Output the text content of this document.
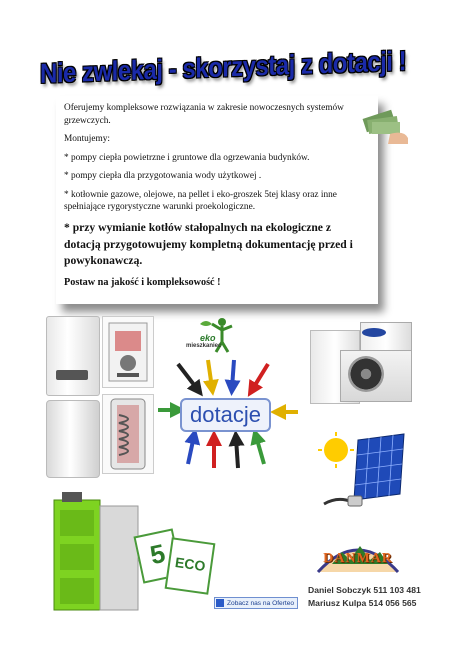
Nie zwlekaj - skorzystaj z dotacji !

Oferujemy kompleksowe rozwiązania w zakresie nowoczesnych systemów grzewczych.

Montujemy:

* pompy ciepła powietrzne i gruntowe dla ogrzewania budynków.

* pompy ciepła dla przygotowania wody użytkowej .

* kotłownie gazowe, olejowe, na pellet i eko-groszek 5tej klasy oraz inne spełniające rygorystyczne warunki proekologiczne.

* przy wymianie kotłów stałopalnych na ekologiczne z dotacją przygotowujemy kompletną dokumentację przed i powykonawczą.

Postaw na jakość i kompleksowość !

eko
mieszkaniec
dotacje
5 ECO	DANMAR
Daniel Sobczyk 511 103 481
Mariusz Kulpa 514 056 565
Zobacz nas na Oferteo
